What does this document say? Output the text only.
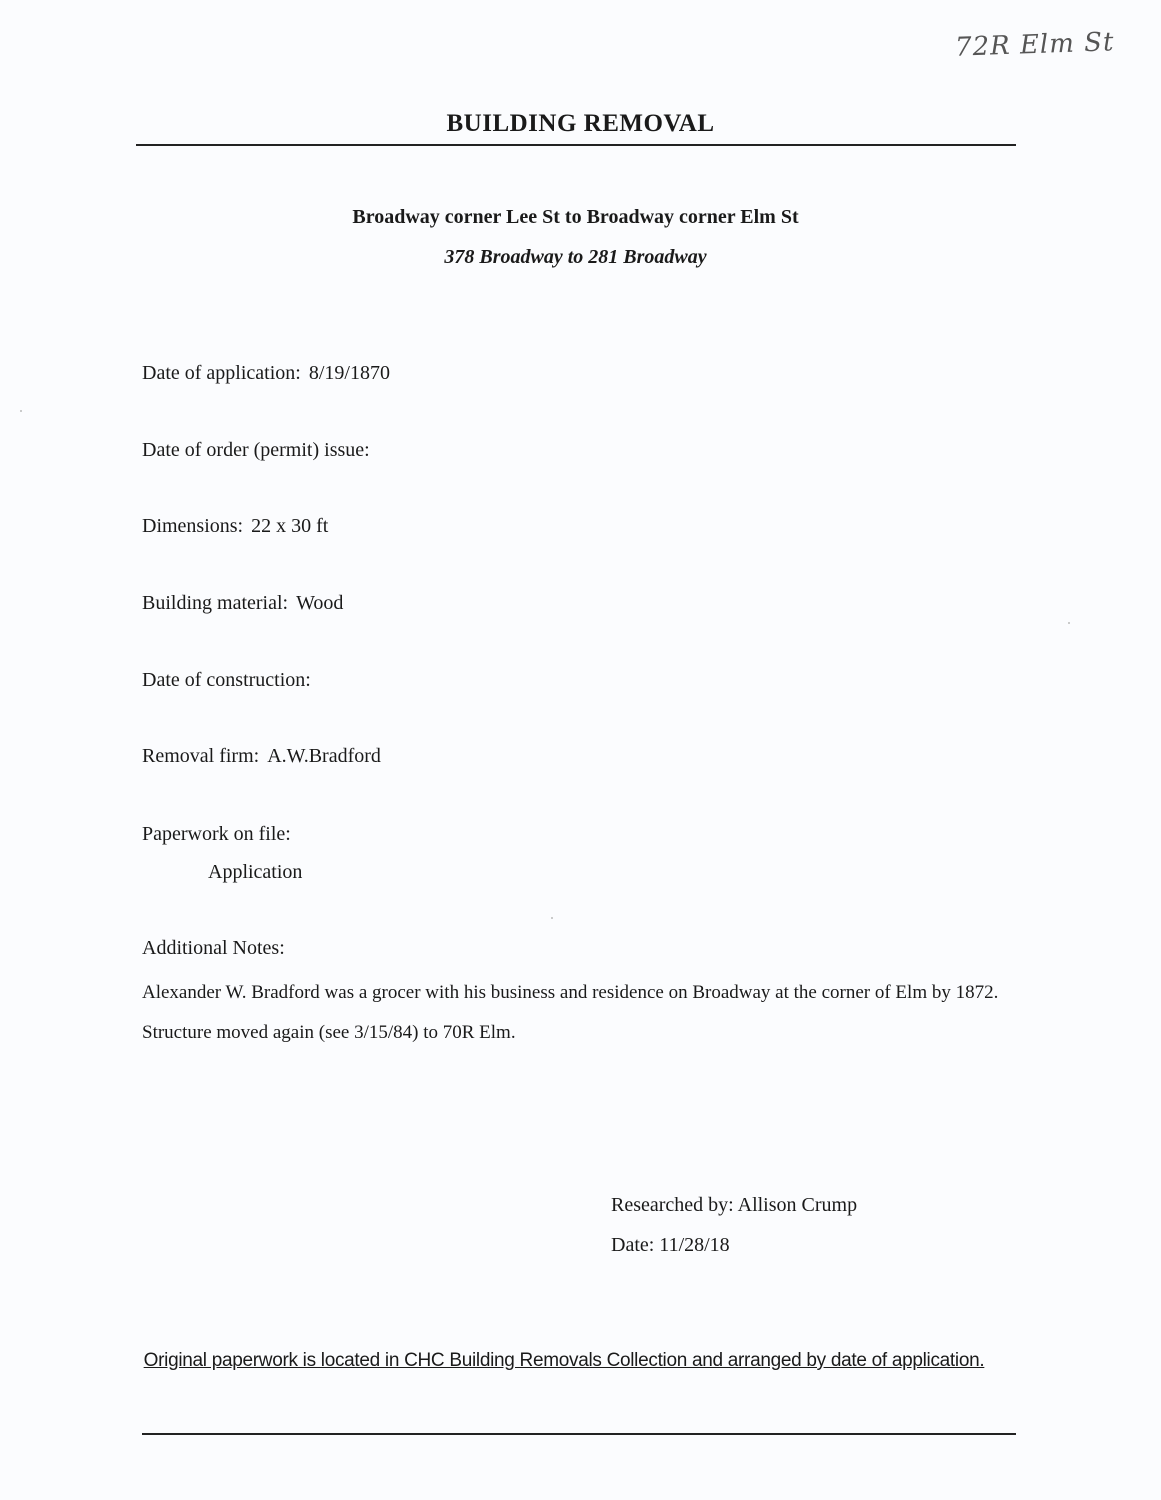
72R Elm St
BUILDING REMOVAL
Broadway corner Lee St to Broadway corner Elm St
378 Broadway to 281 Broadway
Date of application: 8/19/1870
Date of order (permit) issue:
Dimensions: 22 x 30 ft
Building material: Wood
Date of construction:
Removal firm: A.W.Bradford
Paperwork on file:
Application
Additional Notes:
Alexander W. Bradford was a grocer with his business and residence on Broadway at the corner of Elm by 1872. Structure moved again (see 3/15/84) to 70R Elm.
Researched by: Allison Crump
Date: 11/28/18
Original paperwork is located in CHC Building Removals Collection and arranged by date of application.
